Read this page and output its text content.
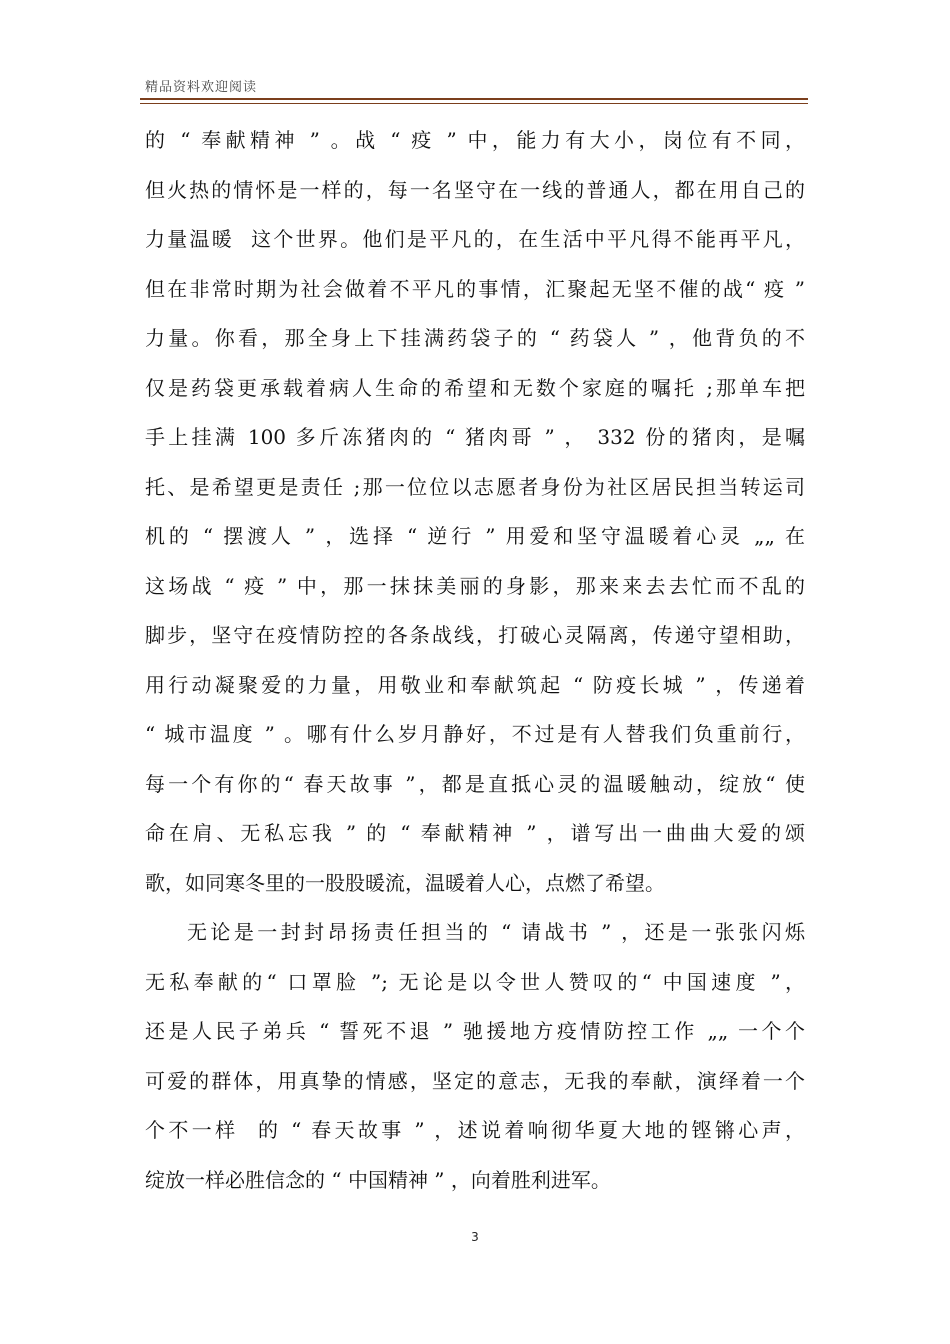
精品资料欢迎阅读
的 “ 奉献精神 ” 。战 “ 疫 ” 中，能力有大小，岗位有不同，
但火热的情怀是一样的，每一名坚守在一线的普通人，都在用自己的
力量温暖  这个世界。他们是平凡的，在生活中平凡得不能再平凡，
但在非常时期为社会做着不平凡的事情，汇聚起无坚不催的战“ 疫 ”
力量。你看，那全身上下挂满药袋子的 “ 药袋人 ” ，他背负的不
仅是药袋更承载着病人生命的希望和无数个家庭的嘱托 ;那单车把
手上挂满 100 多斤冻猪肉的 “ 猪肉哥 ” ， 332 份的猪肉，是嘱
托、是希望更是责任 ;那一位位以志愿者身份为社区居民担当转运司
机的 “ 摆渡人 ” ，选择 “ 逆行 ” 用爱和坚守温暖着心灵 „„ 在
这场战 “ 疫 ” 中，那一抹抹美丽的身影，那来来去去忙而不乱的
脚步，坚守在疫情防控的各条战线，打破心灵隔离，传递守望相助，
用行动凝聚爱的力量，用敬业和奉献筑起 “ 防疫长城 ” ，传递着
“ 城市温度 ” 。哪有什么岁月静好，不过是有人替我们负重前行，
每一个有你的“ 春天故事 ”，都是直抵心灵的温暖触动，绽放“ 使
命在肩、无私忘我 ” 的 “ 奉献精神 ” ，谱写出一曲曲大爱的颂
歌，如同寒冬里的一股股暖流，温暖着人心，点燃了希望。
无论是一封封昂扬责任担当的 “ 请战书 ” ，还是一张张闪烁
无私奉献的“ 口罩脸 ”; 无论是以令世人赞叹的“ 中国速度 ”，
还是人民子弟兵 “ 誓死不退 ” 驰援地方疫情防控工作 „„ 一个个
可爱的群体，用真挚的情感，坚定的意志，无我的奉献，演绎着一个
个不一样  的 “ 春天故事 ” ，述说着响彻华夏大地的铿锵心声，
绽放一样必胜信念的 “ 中国精神 ” ，向着胜利进军。
3
